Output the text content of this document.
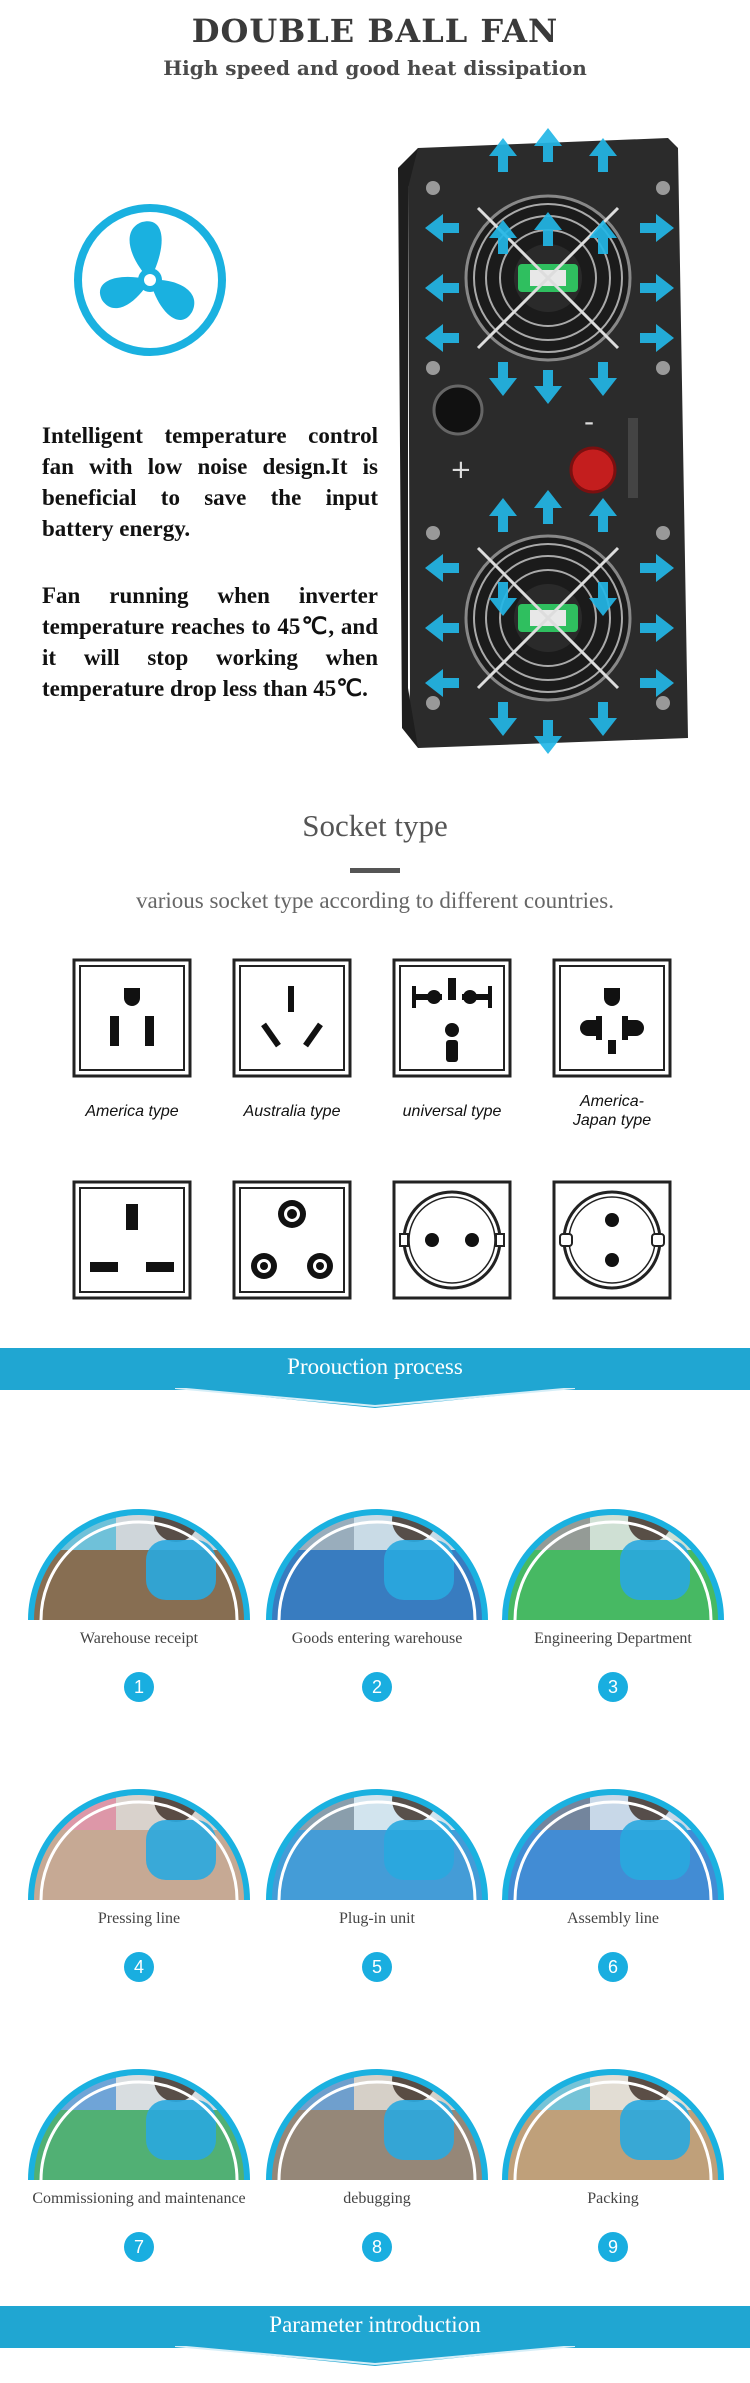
DOUBLE BALL FAN
High speed and good heat dissipation
Intelligent temperature control fan with low noise design.It is beneficial to save the input battery energy.
Fan running when inverter temperature reaches to 45℃, and it will stop working when temperature drop less than 45℃.
+
-
Socket type
various socket type according to different countries.
America type	Australia type	universal type
America-
Japan type
Proouction process
Warehouse receipt
1
Goods entering warehouse
2
Engineering Department
3
Pressing line
4
Plug-in unit
5
Assembly line
6
Commissioning and maintenance
7
debugging
8
Packing
9
Parameter introduction
